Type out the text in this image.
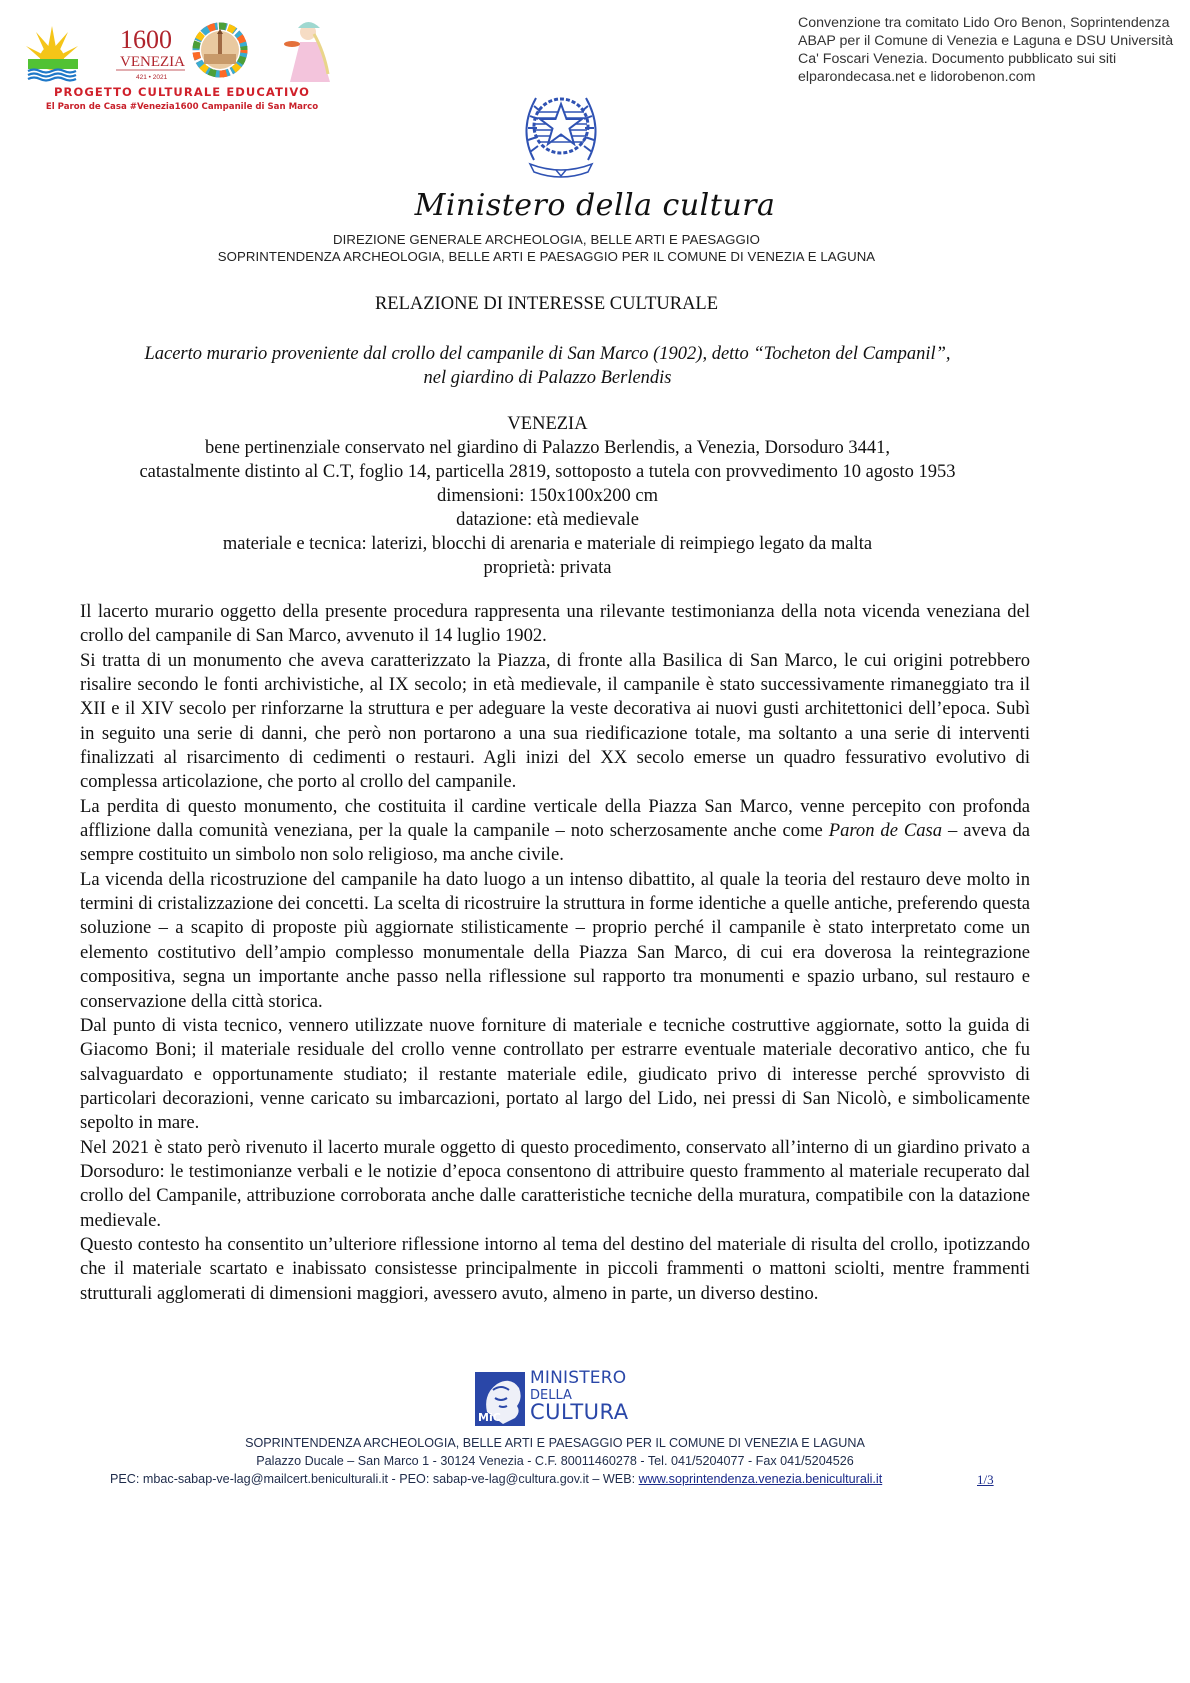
1600
VENEZIA
421 • 2021
PROGETTO CULTURALE EDUCATIVO
El Paron de Casa #Venezia1600 Campanile di San Marco
Convenzione tra comitato Lido Oro Benon, Soprintendenza ABAP per il Comune di Venezia e Laguna e DSU Università Ca' Foscari Venezia. Documento pubblicato sui siti elparondecasa.net e lidorobenon.com
Ministero della cultura
DIREZIONE GENERALE ARCHEOLOGIA, BELLE ARTI E PAESAGGIO
SOPRINTENDENZA ARCHEOLOGIA, BELLE ARTI E PAESAGGIO PER IL COMUNE DI VENEZIA E LAGUNA
RELAZIONE DI INTERESSE CULTURALE
Lacerto murario proveniente dal crollo del campanile di San Marco (1902), detto “Tocheton del Campanil”,
nel giardino di Palazzo Berlendis
VENEZIA
bene pertinenziale conservato nel giardino di Palazzo Berlendis, a Venezia, Dorsoduro 3441,
catastalmente distinto al C.T, foglio 14, particella 2819, sottoposto a tutela con provvedimento 10 agosto 1953
dimensioni: 150x100x200 cm
datazione: età medievale
materiale e tecnica: laterizi, blocchi di arenaria e materiale di reimpiego legato da malta
proprietà: privata

Il lacerto murario oggetto della presente procedura rappresenta una rilevante testimonianza della nota vicenda veneziana del crollo del campanile di San Marco, avvenuto il 14 luglio 1902.

Si tratta di un monumento che aveva caratterizzato la Piazza, di fronte alla Basilica di San Marco, le cui origini potrebbero risalire secondo le fonti archivistiche, al IX secolo; in età medievale, il campanile è stato successivamente rimaneggiato tra il XII e il XIV secolo per rinforzarne la struttura e per adeguare la veste decorativa ai nuovi gusti architettonici dell’epoca. Subì in seguito una serie di danni, che però non portarono a una sua riedificazione totale, ma soltanto a una serie di interventi finalizzati al risarcimento di cedimenti o restauri. Agli inizi del XX secolo emerse un quadro fessurativo evolutivo di complessa articolazione, che porto al crollo del campanile.

La perdita di questo monumento, che costituita il cardine verticale della Piazza San Marco, venne percepito con profonda afflizione dalla comunità veneziana, per la quale la campanile – noto scherzosamente anche come Paron de Casa – aveva da sempre costituito un simbolo non solo religioso, ma anche civile.

La vicenda della ricostruzione del campanile ha dato luogo a un intenso dibattito, al quale la teoria del restauro deve molto in termini di cristalizzazione dei concetti. La scelta di ricostruire la struttura in forme identiche a quelle antiche, preferendo questa soluzione – a scapito di proposte più aggiornate stilisticamente – proprio perché il campanile è stato interpretato come un elemento costitutivo dell’ampio complesso monumentale della Piazza San Marco, di cui era doverosa la reintegrazione compositiva, segna un importante anche passo nella riflessione sul rapporto tra monumenti e spazio urbano, sul restauro e conservazione della città storica.

Dal punto di vista tecnico, vennero utilizzate nuove forniture di materiale e tecniche costruttive aggiornate, sotto la guida di Giacomo Boni; il materiale residuale del crollo venne controllato per estrarre eventuale materiale decorativo antico, che fu salvaguardato e opportunamente studiato; il restante materiale edile, giudicato privo di interesse perché sprovvisto di particolari decorazioni, venne caricato su imbarcazioni, portato al largo del Lido, nei pressi di San Nicolò, e simbolicamente sepolto in mare.

Nel 2021 è stato però rivenuto il lacerto murale oggetto di questo procedimento, conservato all’interno di un giardino privato a Dorsoduro: le testimonianze verbali e le notizie d’epoca consentono di attribuire questo frammento al materiale recuperato dal crollo del Campanile, attribuzione corroborata anche dalle caratteristiche tecniche della muratura, compatibile con la datazione medievale.

Questo contesto ha consentito un’ulteriore riflessione intorno al tema del destino del materiale di risulta del crollo, ipotizzando che il materiale scartato e inabissato consistesse principalmente in piccoli frammenti o mattoni sciolti, mentre frammenti strutturali agglomerati di dimensioni maggiori, avessero avuto, almeno in parte, un diverso destino.

MiC
MINISTERO
DELLA
CULTURA
SOPRINTENDENZA ARCHEOLOGIA, BELLE ARTI E PAESAGGIO PER IL COMUNE DI VENEZIA E LAGUNA
Palazzo Ducale – San Marco 1 - 30124 Venezia - C.F. 80011460278 - Tel. 041/5204077 - Fax 041/5204526
PEC: mbac-sabap-ve-lag@mailcert.beniculturali.it - PEO: sabap-ve-lag@cultura.gov.it – WEB: www.soprintendenza.venezia.beniculturali.it	1/3
